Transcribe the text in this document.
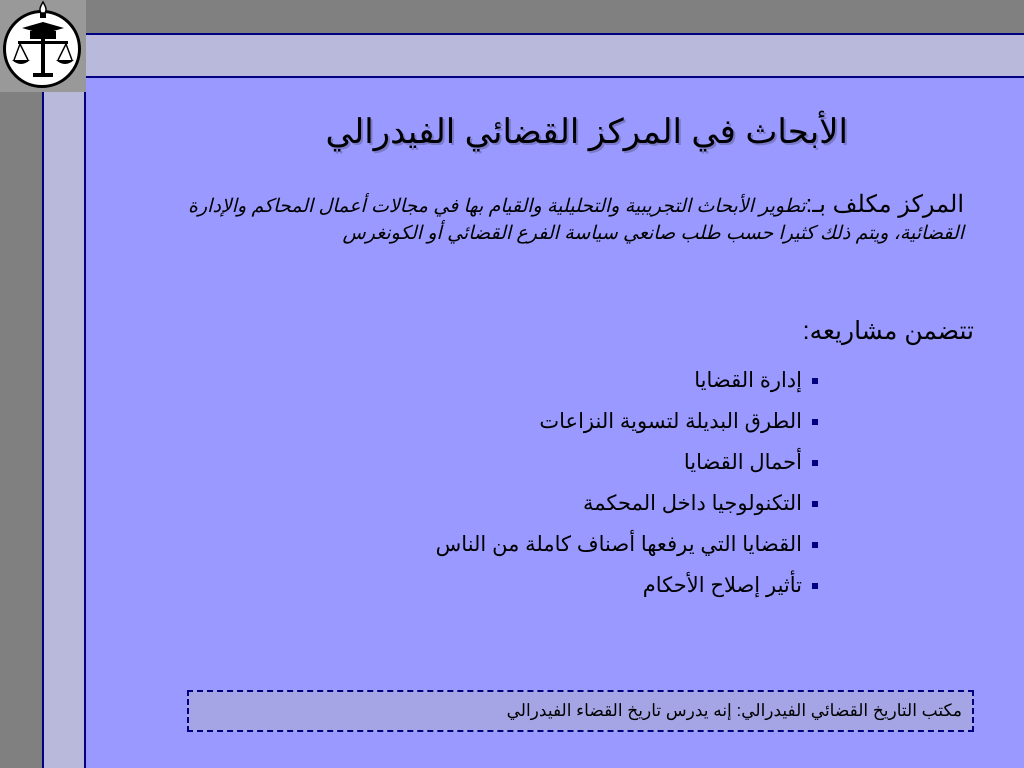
الأبحاث في المركز القضائي الفيدرالي
المركز مكلف بـ:تطوير الأبحاث التجريبية والتحليلية والقيام بها في مجالات أعمال المحاكم والإدارة القضائية، ويتم ذلك كثيرا حسب طلب صانعي سياسة الفرع القضائي أو الكونغرس
تتضمن مشاريعه:
إدارة القضايا
الطرق البديلة لتسوية النزاعات
أحمال القضايا
التكنولوجيا داخل المحكمة
القضايا التي يرفعها أصناف كاملة من الناس
تأثير إصلاح الأحكام
مكتب التاريخ القضائي الفيدرالي: إنه يدرس تاريخ القضاء الفيدرالي
